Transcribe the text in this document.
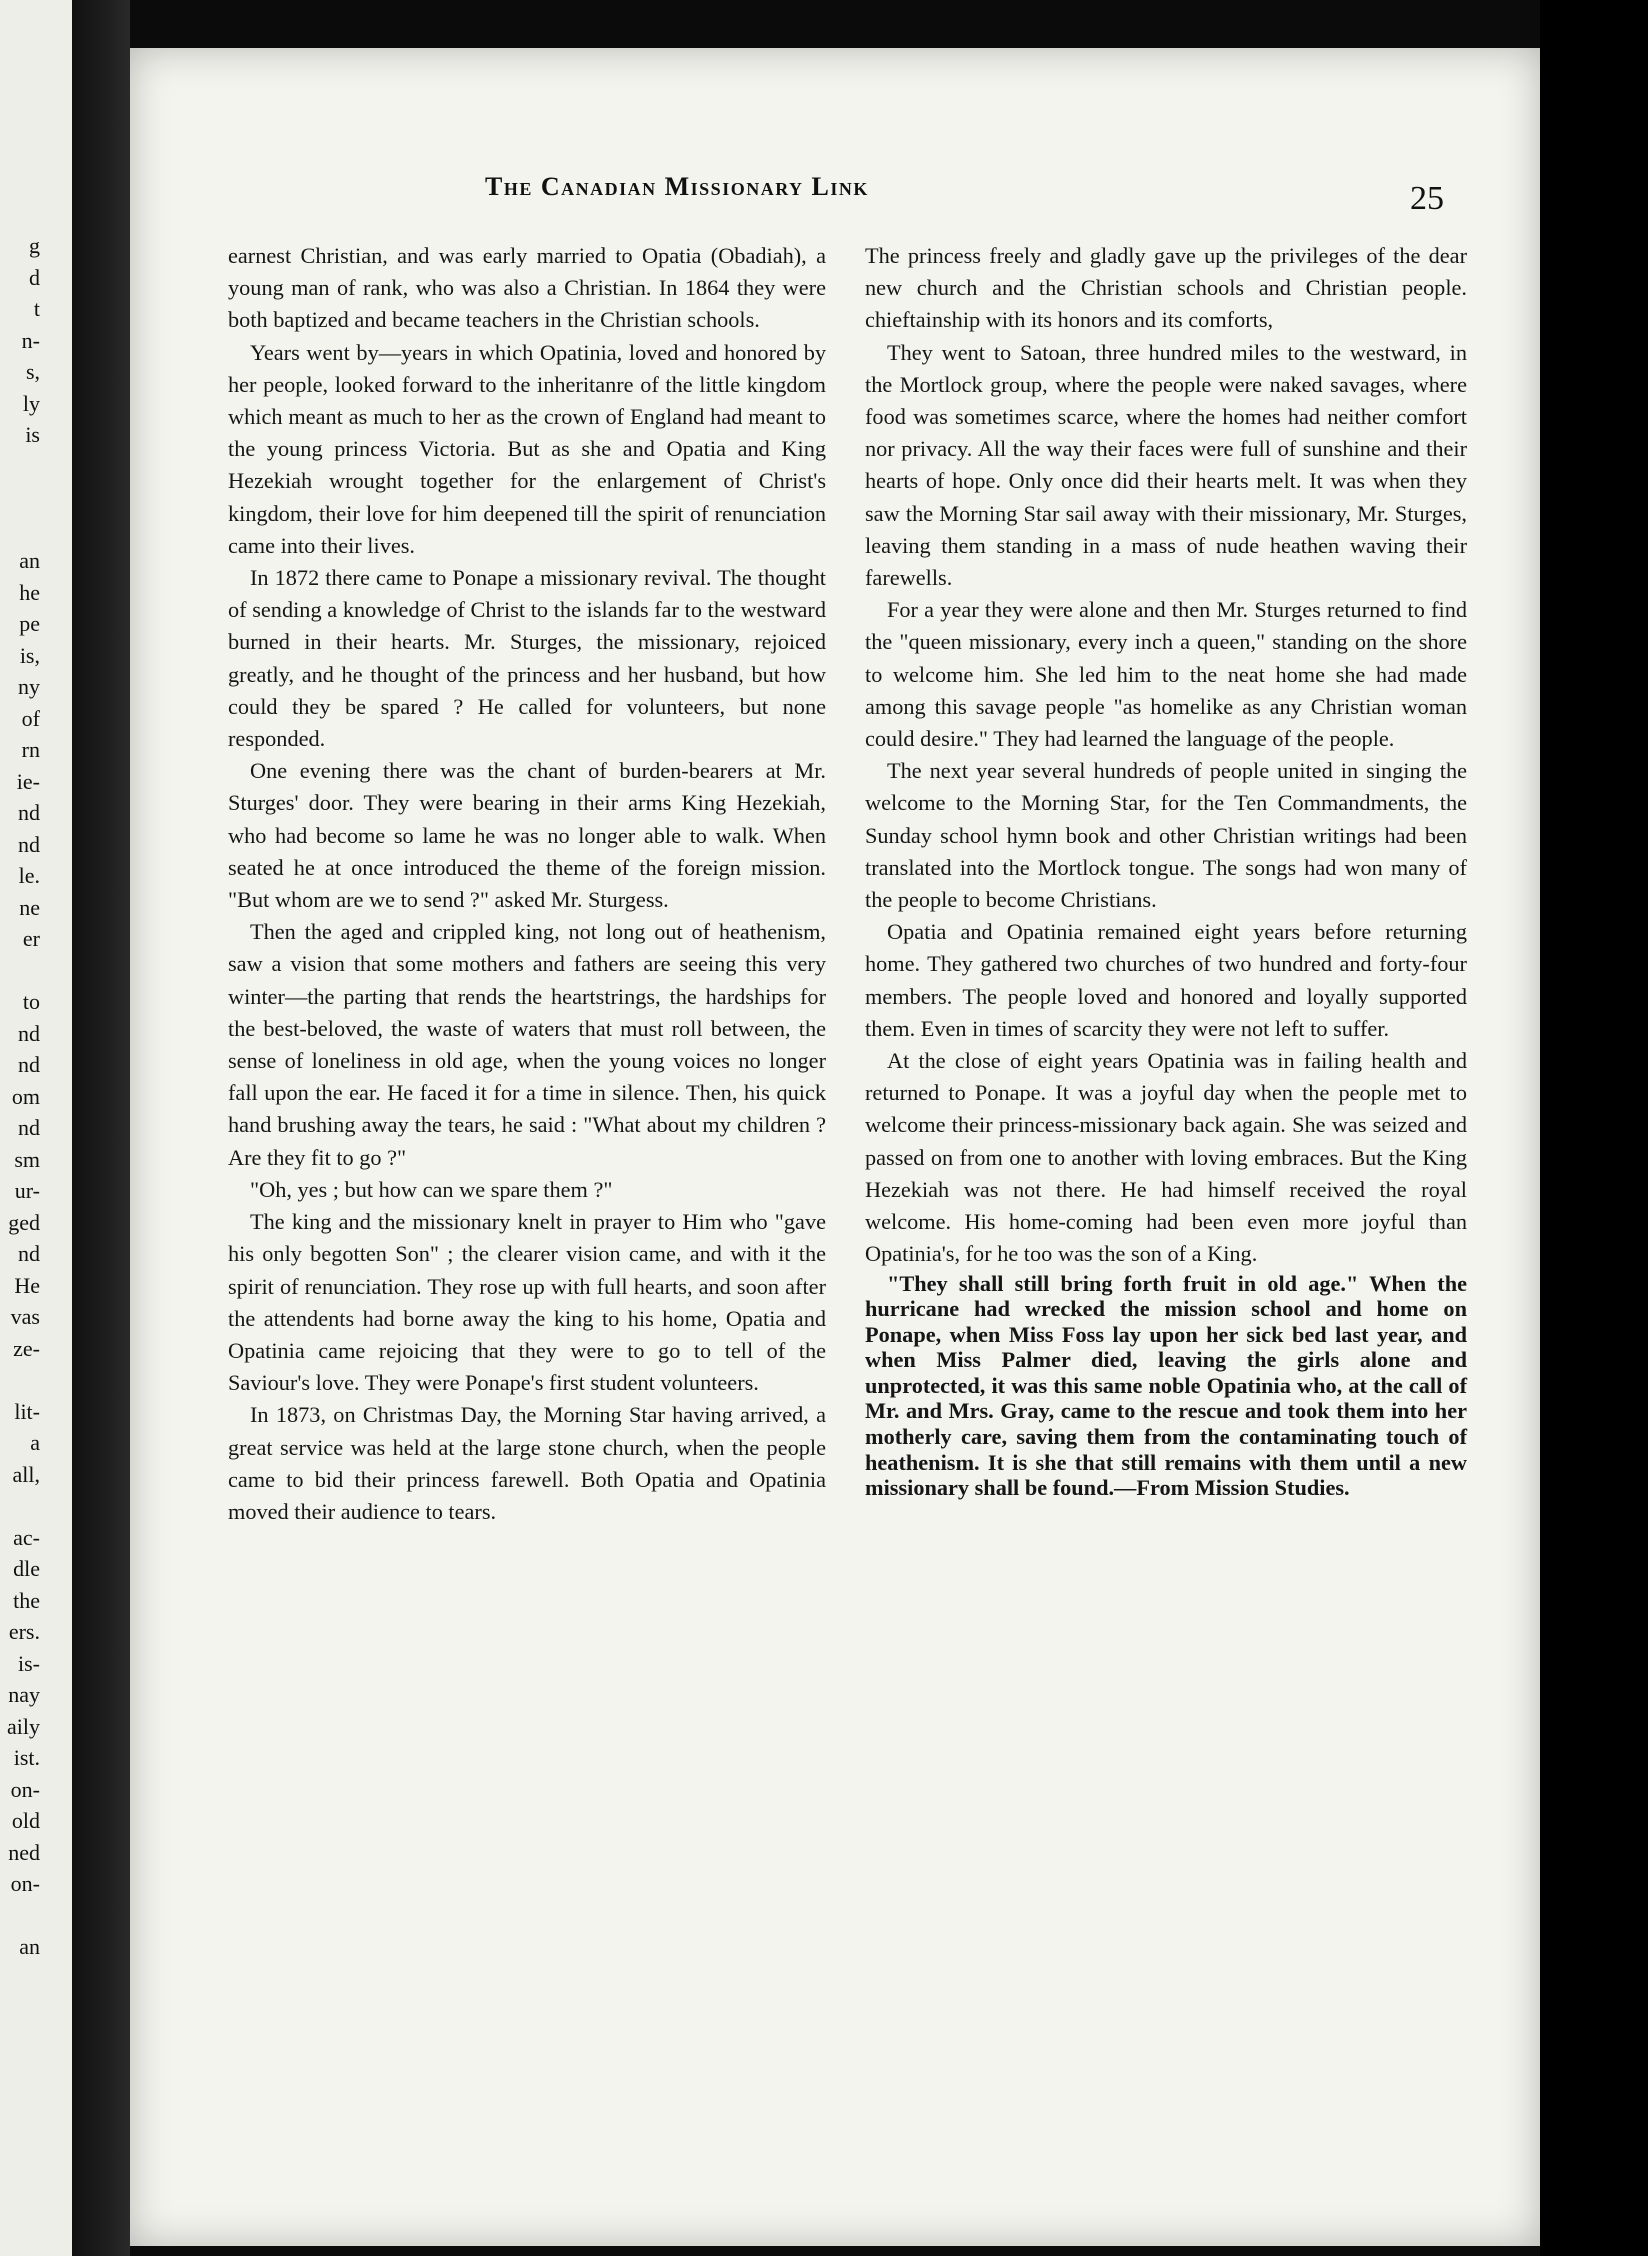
g
d
t
n-
s,
ly
is
an
he
pe
is,
ny
of
rn
ie-
nd
nd
le.
ne
er
to
nd
nd
om
nd
sm
ur-
ged
nd
He
vas
ze-
lit-
a
all,
ac-
dle
the
ers.
is-
nay
aily
ist.
on-
old
ned
on-
an
The Canadian Missionary Link	25

earnest Christian, and was early married to Opatia (Obadiah), a young man of rank, who was also a Christian. In 1864 they were both baptized and became teachers in the Christian schools.

Years went by—years in which Opatinia, loved and honored by her people, looked forward to the inheritanre of the little kingdom which meant as much to her as the crown of England had meant to the young princess Victoria. But as she and Opatia and King Hezekiah wrought together for the enlargement of Christ's kingdom, their love for him deepened till the spirit of renunciation came into their lives.

In 1872 there came to Ponape a missionary revival. The thought of sending a knowledge of Christ to the islands far to the westward burned in their hearts. Mr. Sturges, the missionary, rejoiced greatly, and he thought of the princess and her husband, but how could they be spared ? He called for volunteers, but none responded.

One evening there was the chant of burden-bearers at Mr. Sturges' door. They were bearing in their arms King Hezekiah, who had become so lame he was no longer able to walk. When seated he at once introduced the theme of the foreign mission. "But whom are we to send ?" asked Mr. Sturgess.

Then the aged and crippled king, not long out of heathenism, saw a vision that some mothers and fathers are seeing this very winter—the parting that rends the heartstrings, the hardships for the best-beloved, the waste of waters that must roll between, the sense of loneliness in old age, when the young voices no longer fall upon the ear. He faced it for a time in silence. Then, his quick hand brushing away the tears, he said : "What about my children ? Are they fit to go ?"

"Oh, yes ; but how can we spare them ?"

The king and the missionary knelt in prayer to Him who "gave his only begotten Son" ; the clearer vision came, and with it the spirit of renunciation. They rose up with full hearts, and soon after the attendents had borne away the king to his home, Opatia and Opatinia came rejoicing that they were to go to tell of the Saviour's love. They were Ponape's first student volunteers.

In 1873, on Christmas Day, the Morning Star having arrived, a great service was held at the large stone church, when the people came to bid their princess farewell. Both Opatia and Opatinia moved their audience to tears.

The princess freely and gladly gave up the privileges of the dear new church and the Christian schools and Christian people. chieftainship with its honors and its comforts,

They went to Satoan, three hundred miles to the westward, in the Mortlock group, where the people were naked savages, where food was sometimes scarce, where the homes had neither comfort nor privacy. All the way their faces were full of sunshine and their hearts of hope. Only once did their hearts melt. It was when they saw the Morning Star sail away with their missionary, Mr. Sturges, leaving them standing in a mass of nude heathen waving their farewells.

For a year they were alone and then Mr. Sturges returned to find the "queen missionary, every inch a queen," standing on the shore to welcome him. She led him to the neat home she had made among this savage people "as homelike as any Christian woman could desire." They had learned the language of the people.

The next year several hundreds of people united in singing the welcome to the Morning Star, for the Ten Commandments, the Sunday school hymn book and other Christian writings had been translated into the Mortlock tongue. The songs had won many of the people to become Christians.

Opatia and Opatinia remained eight years before returning home. They gathered two churches of two hundred and forty-four members. The people loved and honored and loyally supported them. Even in times of scarcity they were not left to suffer.

At the close of eight years Opatinia was in failing health and returned to Ponape. It was a joyful day when the people met to welcome their princess-missionary back again. She was seized and passed on from one to another with loving embraces. But the King Hezekiah was not there. He had himself received the royal welcome. His home-coming had been even more joyful than Opatinia's, for he too was the son of a King.

"They shall still bring forth fruit in old age." When the hurricane had wrecked the mission school and home on Ponape, when Miss Foss lay upon her sick bed last year, and when Miss Palmer died, leaving the girls alone and unprotected, it was this same noble Opatinia who, at the call of Mr. and Mrs. Gray, came to the rescue and took them into her motherly care, saving them from the contaminating touch of heathenism. It is she that still remains with them until a new missionary shall be found.—From Mission Studies.
